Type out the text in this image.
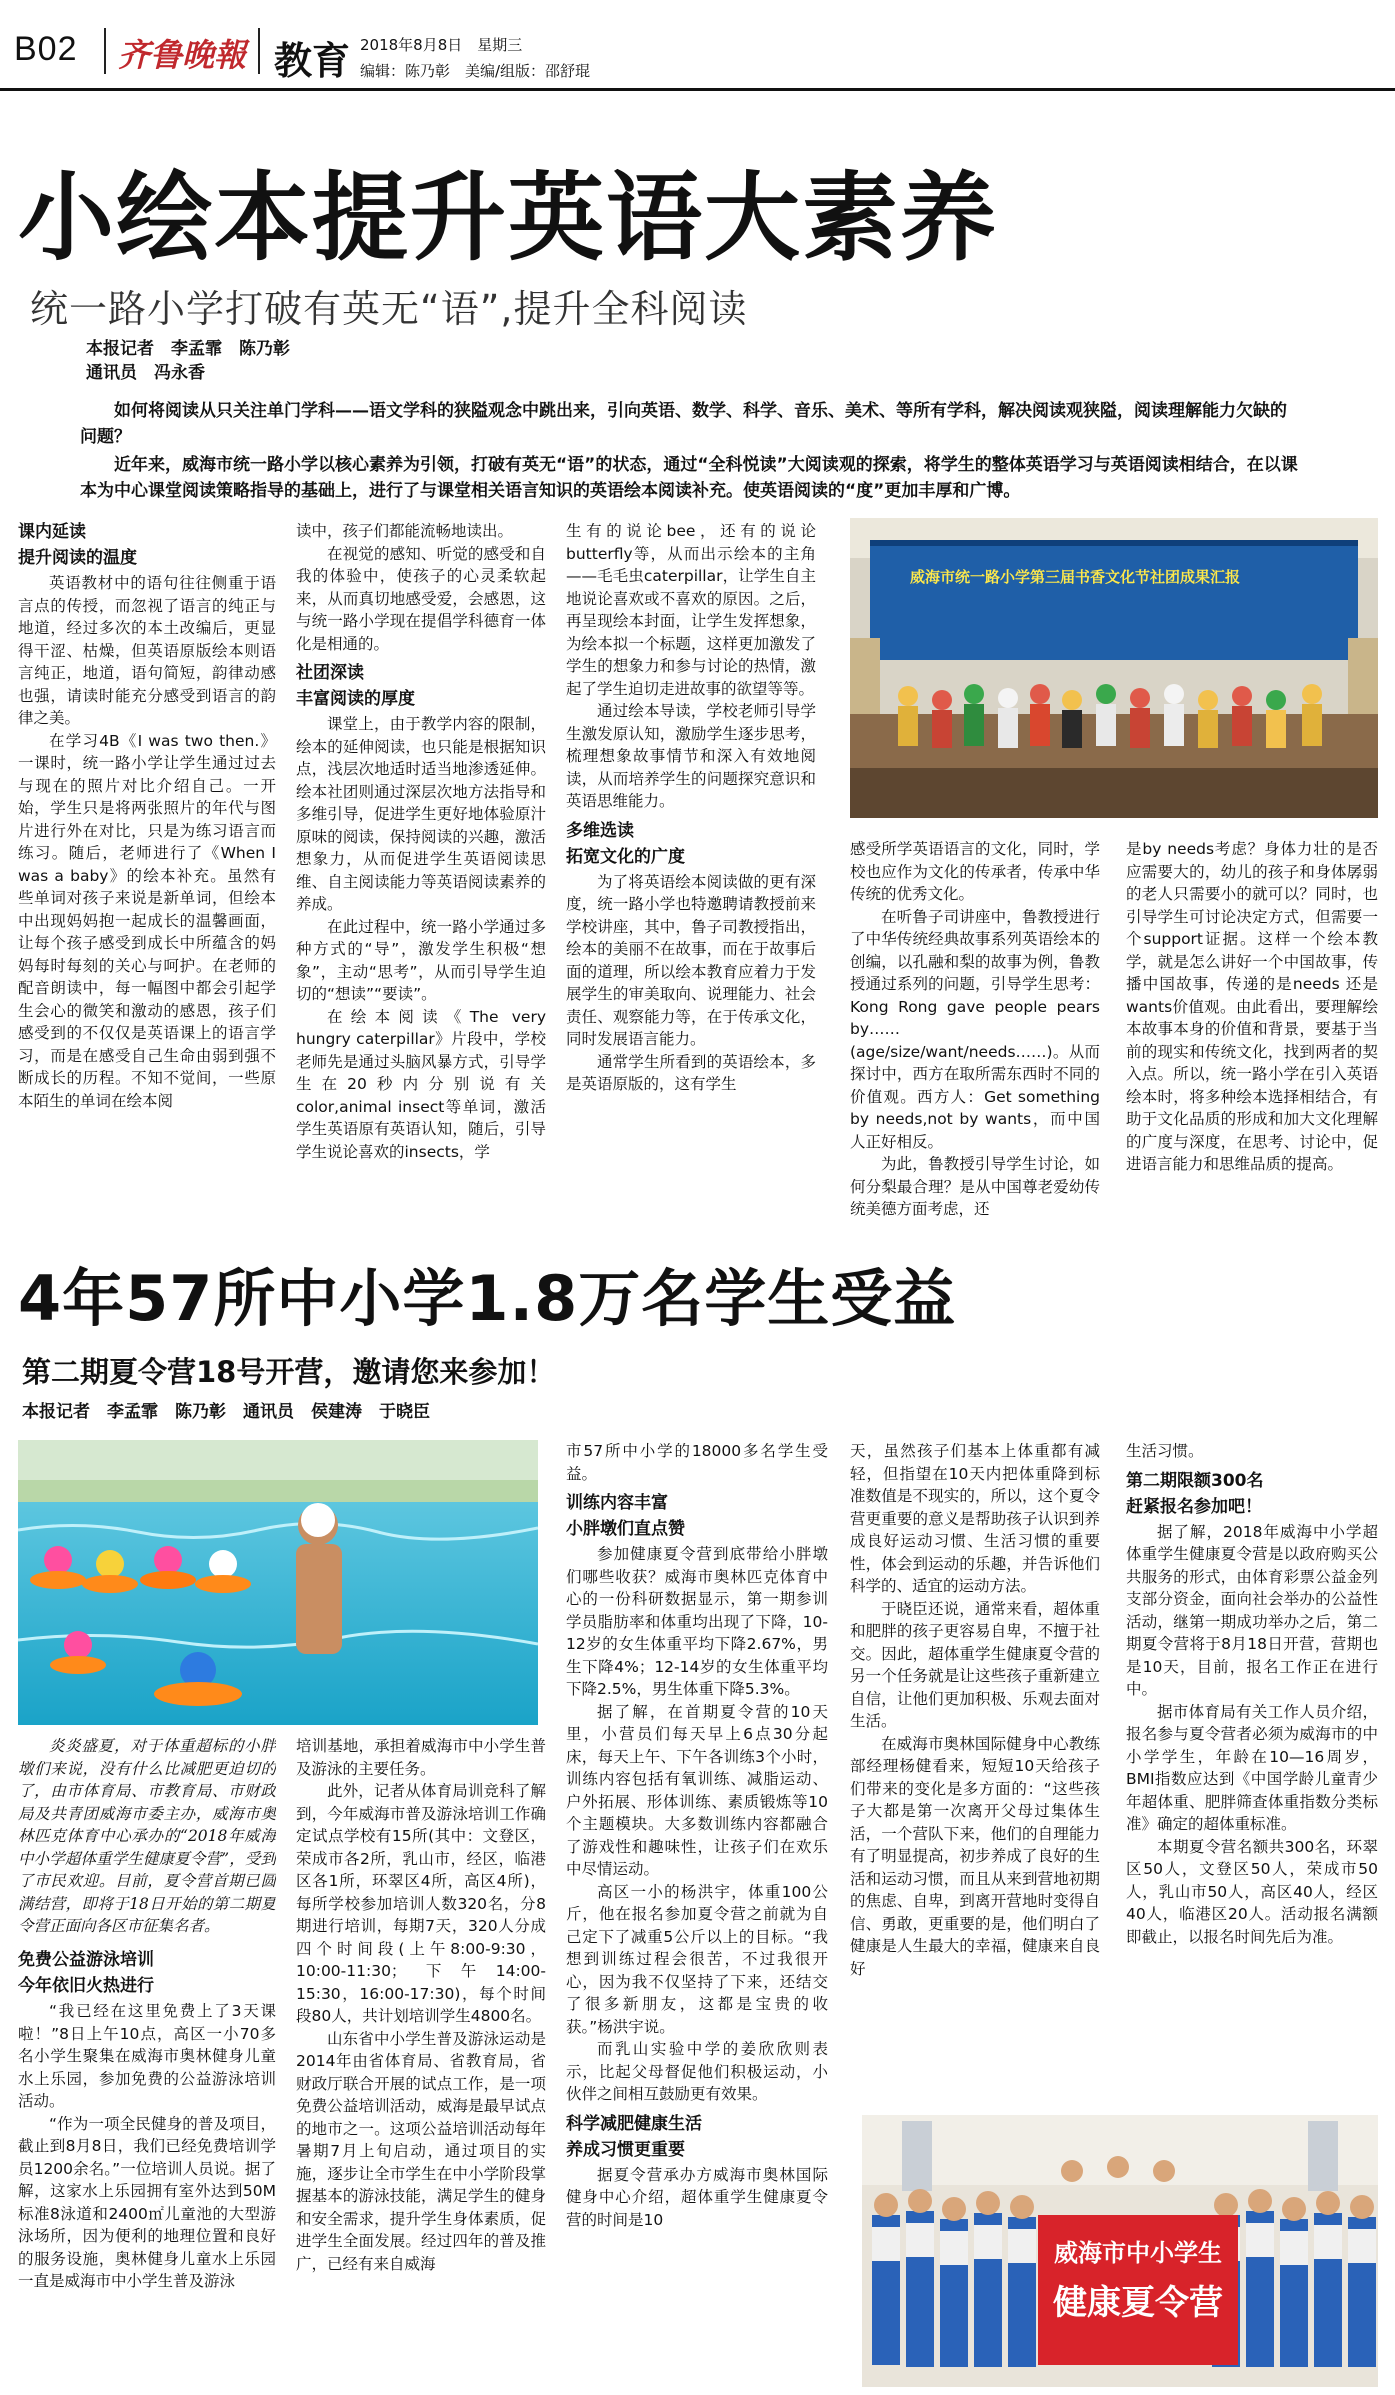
B02 齐鲁晚報 教育 2018年8月8日　星期三
编辑：陈乃彰　美编/组版：邵舒琨
小绘本提升英语大素养
统一路小学打破有英无“语”,提升全科阅读
本报记者　李孟霏　陈乃彰
通讯员　冯永香
如何将阅读从只关注单门学科——语文学科的狭隘观念中跳出来，引向英语、数学、科学、音乐、美术、等所有学科，解决阅读观狭隘，阅读理解能力欠缺的问题？
近年来，威海市统一路小学以核心素养为引领，打破有英无“语”的状态，通过“全科悦读”大阅读观的探索，将学生的整体英语学习与英语阅读相结合，在以课本为中心课堂阅读策略指导的基础上，进行了与课堂相关语言知识的英语绘本阅读补充。使英语阅读的“度”更加丰厚和广博。
课内延读
提升阅读的温度

英语教材中的语句往往侧重于语言点的传授，而忽视了语言的纯正与地道，经过多次的本土改编后，更显得干涩、枯燥，但英语原版绘本则语言纯正，地道，语句简短，韵律动感也强，请读时能充分感受到语言的韵律之美。

在学习4B《I was two then.》一课时，统一路小学让学生通过过去与现在的照片对比介绍自己。一开始，学生只是将两张照片的年代与图片进行外在对比，只是为练习语言而练习。随后，老师进行了《When I was a baby》的绘本补充。虽然有些单词对孩子来说是新单词，但绘本中出现妈妈抱一起成长的温馨画面，让每个孩子感受到成长中所蕴含的妈妈每时每刻的关心与呵护。在老师的配音朗读中，每一幅图中都会引起学生会心的微笑和激动的感恩，孩子们感受到的不仅仅是英语课上的语言学习，而是在感受自己生命由弱到强不断成长的历程。不知不觉间，一些原本陌生的单词在绘本阅

读中，孩子们都能流畅地读出。

在视觉的感知、听觉的感受和自我的体验中，使孩子的心灵柔软起来，从而真切地感受爱，会感恩，这与统一路小学现在提倡学科德育一体化是相通的。

社团深读
丰富阅读的厚度

课堂上，由于教学内容的限制，绘本的延伸阅读，也只能是根据知识点，浅层次地适时适当地渗透延伸。绘本社团则通过深层次地方法指导和多维引导，促进学生更好地体验原汁原味的阅读，保持阅读的兴趣，激活想象力，从而促进学生英语阅读思维、自主阅读能力等英语阅读素养的养成。

在此过程中，统一路小学通过多种方式的“导”，激发学生积极“想象”，主动“思考”，从而引导学生迫切的“想读”“要读”。

在绘本阅读《The very hungry caterpillar》片段中，学校老师先是通过头脑风暴方式，引导学生在20秒内分别说有关color,animal insect等单词，激活学生英语原有英语认知，随后，引导学生说论喜欢的insects，学

生有的说论bee，还有的说论butterfly等，从而出示绘本的主角——毛毛虫caterpillar，让学生自主地说论喜欢或不喜欢的原因。之后，再呈现绘本封面，让学生发挥想象，为绘本拟一个标题，这样更加激发了学生的想象力和参与讨论的热情，激起了学生迫切走进故事的欲望等等。

通过绘本导读，学校老师引导学生激发原认知，激励学生逐步思考，梳理想象故事情节和深入有效地阅读，从而培养学生的问题探究意识和英语思维能力。

多维选读
拓宽文化的广度

为了将英语绘本阅读做的更有深度，统一路小学也特邀聘请教授前来学校讲座，其中，鲁子司教授指出，绘本的美丽不在故事，而在于故事后面的道理，所以绘本教育应着力于发展学生的审美取向、说理能力、社会责任、观察能力等，在于传承文化，同时发展语言能力。

通常学生所看到的英语绘本，多是英语原版的，这有学生

威海市统一路小学第三届书香文化节社团成果汇报

感受所学英语语言的文化，同时，学校也应作为文化的传承者，传承中华传统的优秀文化。

在听鲁子司讲座中，鲁教授进行了中华传统经典故事系列英语绘本的创编，以孔融和梨的故事为例，鲁教授通过系列的问题，引导学生思考：Kong Rong gave people pears by……(age/size/want/needs……)。从而探讨中，西方在取所需东西时不同的价值观。西方人：Get something by needs,not by wants，而中国人正好相反。

为此，鲁教授引导学生讨论，如何分梨最合理？是从中国尊老爱幼传统美德方面考虑，还

是by needs考虑？身体力壮的是否应需要大的，幼儿的孩子和身体孱弱的老人只需要小的就可以？同时，也引导学生可讨论决定方式，但需要一个support证据。这样一个绘本教学，就是怎么讲好一个中国故事，传播中国故事，传递的是needs 还是wants价值观。由此看出，要理解绘本故事本身的价值和背景，要基于当前的现实和传统文化，找到两者的契入点。所以，统一路小学在引入英语绘本时，将多种绘本选择相结合，有助于文化品质的形成和加大文化理解的广度与深度，在思考、讨论中，促进语言能力和思维品质的提高。

4年57所中小学1.8万名学生受益
第二期夏令营18号开营，邀请您来参加！
本报记者　李孟霏　陈乃彰　通讯员　侯建涛　于晓臣

炎炎盛夏，对于体重超标的小胖墩们来说，没有什么比减肥更迫切的了，由市体育局、市教育局、市财政局及共青团威海市委主办，威海市奥林匹克体育中心承办的“2018年威海中小学超体重学生健康夏令营”，受到了市民欢迎。目前，夏令营首期已圆满结营，即将于18日开始的第二期夏令营正面向各区市征集名者。

免费公益游泳培训
今年依旧火热进行

“我已经在这里免费上了3天课啦！”8日上午10点，高区一小70多名小学生聚集在威海市奥林健身儿童水上乐园，参加免费的公益游泳培训活动。

“作为一项全民健身的普及项目，截止到8月8日，我们已经免费培训学员1200余名。”一位培训人员说。据了解，这家水上乐园拥有室外达到50M标准8泳道和2400㎡儿童池的大型游泳场所，因为便利的地理位置和良好的服务设施，奥林健身儿童水上乐园一直是威海市中小学生普及游泳

培训基地，承担着威海市中小学生普及游泳的主要任务。

此外，记者从体育局训竞科了解到，今年威海市普及游泳培训工作确定试点学校有15所(其中：文登区，荣成市各2所，乳山市，经区，临港区各1所，环翠区4所，高区4所)，每所学校参加培训人数320名，分8期进行培训，每期7天，320人分成四个时间段(上午8:00-9:30，10:00-11:30；下午14:00-15:30，16:00-17:30)，每个时间段80人，共计划培训学生4800名。

山东省中小学生普及游泳运动是2014年由省体育局、省教育局，省财政厅联合开展的试点工作，是一项免费公益培训活动，威海是最早试点的地市之一。这项公益培训活动每年暑期7月上旬启动，通过项目的实施，逐步让全市学生在中小学阶段掌握基本的游泳技能，满足学生的健身和安全需求，提升学生身体素质，促进学生全面发展。经过四年的普及推广，已经有来自威海

市57所中小学的18000多名学生受益。

训练内容丰富
小胖墩们直点赞

参加健康夏令营到底带给小胖墩们哪些收获？威海市奥林匹克体育中心的一份科研数据显示，第一期参训学员脂肪率和体重均出现了下降，10-12岁的女生体重平均下降2.67%，男生下降4%；12-14岁的女生体重平均下降2.5%，男生体重下降5.3%。

据了解，在首期夏令营的10天里，小营员们每天早上6点30分起床，每天上午、下午各训练3个小时，训练内容包括有氧训练、减脂运动、户外拓展、形体训练、素质锻炼等10个主题模块。大多数训练内容都融合了游戏性和趣味性，让孩子们在欢乐中尽情运动。

高区一小的杨洪宇，体重100公斤，他在报名参加夏令营之前就为自己定下了减重5公斤以上的目标。“我想到训练过程会很苦，不过我很开心，因为我不仅坚持了下来，还结交了很多新朋友，这都是宝贵的收获。”杨洪宇说。

而乳山实验中学的姜欣欣则表示，比起父母督促他们积极运动，小伙伴之间相互鼓励更有效果。

科学减肥健康生活
养成习惯更重要

据夏令营承办方威海市奥林国际健身中心介绍，超体重学生健康夏令营的时间是10

天，虽然孩子们基本上体重都有减轻，但指望在10天内把体重降到标准数值是不现实的，所以，这个夏令营更重要的意义是帮助孩子认识到养成良好运动习惯、生活习惯的重要性，体会到运动的乐趣，并告诉他们科学的、适宜的运动方法。

于晓臣还说，通常来看，超体重和肥胖的孩子更容易自卑，不擅于社交。因此，超体重学生健康夏令营的另一个任务就是让这些孩子重新建立自信，让他们更加积极、乐观去面对生活。

在威海市奥林国际健身中心教练部经理杨健看来，短短10天给孩子们带来的变化是多方面的：“这些孩子大都是第一次离开父母过集体生活，一个营队下来，他们的自理能力有了明显提高，初步养成了良好的生活和运动习惯，而且从来到营地初期的焦虑、自卑，到离开营地时变得自信、勇敢，更重要的是，他们明白了健康是人生最大的幸福，健康来自良好

生活习惯。

第二期限额300名
赶紧报名参加吧！

据了解，2018年威海中小学超体重学生健康夏令营是以政府购买公共服务的形式，由体育彩票公益金列支部分资金，面向社会举办的公益性活动，继第一期成功举办之后，第二期夏令营将于8月18日开营，营期也是10天，目前，报名工作正在进行中。

据市体育局有关工作人员介绍，报名参与夏令营者必须为威海市的中小学学生，年龄在10—16周岁，BMI指数应达到《中国学龄儿童青少年超体重、肥胖筛查体重指数分类标准》确定的超体重标准。

本期夏令营名额共300名，环翠区50人，文登区50人，荣成市50人，乳山市50人，高区40人，经区40人，临港区20人。活动报名满额即截止，以报名时间先后为准。

威海市中小学生
健康夏令营
